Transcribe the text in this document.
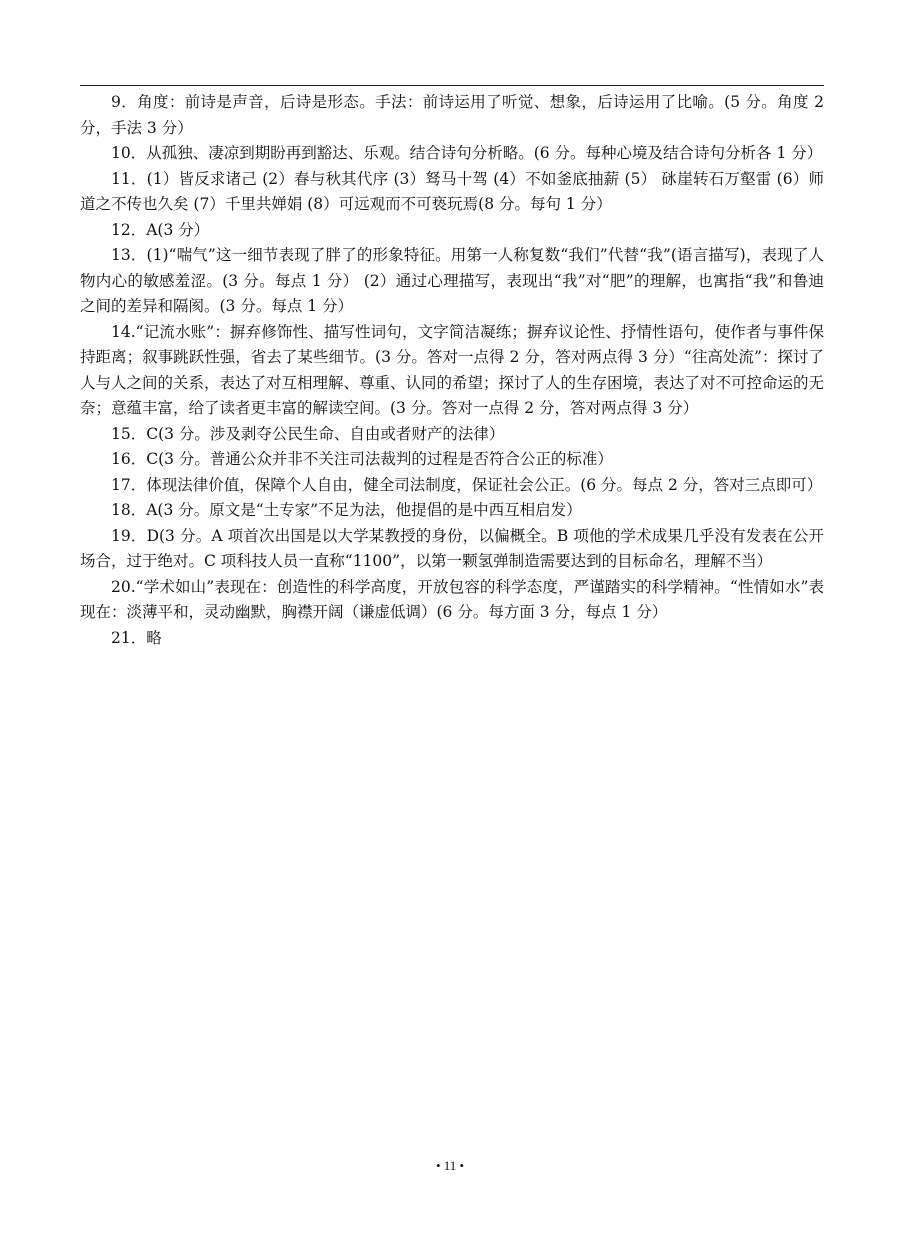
9．角度：前诗是声音，后诗是形态。手法：前诗运用了听觉、想象，后诗运用了比喻。(5 分。角度 2 分，手法 3 分）

10．从孤独、凄凉到期盼再到豁达、乐观。结合诗句分析略。(6 分。每种心境及结合诗句分析各 1 分）

11．(1）皆反求诸己 (2）春与秋其代序 (3）驽马十驾 (4）不如釜底抽薪 (5） 砯崖转石万壑雷 (6）师道之不传也久矣 (7）千里共婵娟 (8）可远观而不可亵玩焉(8 分。每句 1 分）

12．A(3 分）

13．(1)“喘气”这一细节表现了胖了的形象特征。用第一人称复数“我们”代替“我”(语言描写)，表现了人物内心的敏感羞涩。(3 分。每点 1 分） (2）通过心理描写，表现出“我”对“肥”的理解，也寓指“我”和鲁迪之间的差异和隔阂。(3 分。每点 1 分）

14.“记流水账”：摒弃修饰性、描写性词句，文字简洁凝练；摒弃议论性、抒情性语句，使作者与事件保持距离；叙事跳跃性强，省去了某些细节。(3 分。答对一点得 2 分，答对两点得 3 分）“往高处流”：探讨了人与人之间的关系，表达了对互相理解、尊重、认同的希望；探讨了人的生存困境，表达了对不可控命运的无奈；意蕴丰富，给了读者更丰富的解读空间。(3 分。答对一点得 2 分，答对两点得 3 分）

15．C(3 分。涉及剥夺公民生命、自由或者财产的法律）

16．C(3 分。普通公众并非不关注司法裁判的过程是否符合公正的标准）

17．体现法律价值，保障个人自由，健全司法制度，保证社会公正。(6 分。每点 2 分，答对三点即可）

18．A(3 分。原文是“土专家”不足为法，他提倡的是中西互相启发）

19．D(3 分。A 项首次出国是以大学某教授的身份，以偏概全。B 项他的学术成果几乎没有发表在公开场合，过于绝对。C 项科技人员一直称“1100”，以第一颗氢弹制造需要达到的目标命名，理解不当）

20.“学术如山”表现在：创造性的科学高度，开放包容的科学态度，严谨踏实的科学精神。“性情如水”表现在：淡薄平和，灵动幽默，胸襟开阔（谦虚低调）(6 分。每方面 3 分，每点 1 分）

21．略

• 11 •
